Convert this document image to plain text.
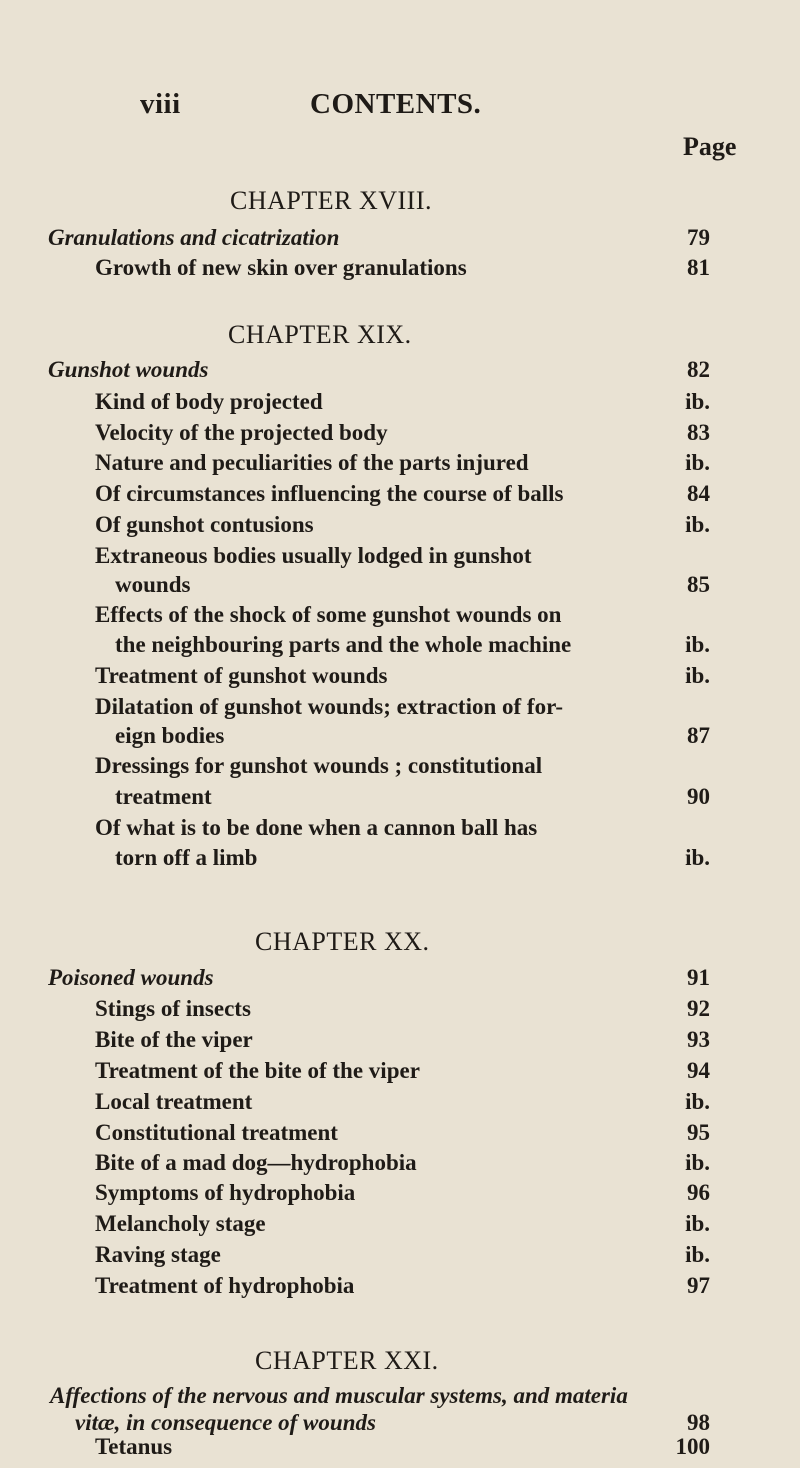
viii	CONTENTS.
Page
CHAPTER XVIII.
Granulations and cicatrization	79
Growth of new skin over granulations	81
CHAPTER XIX.
Gunshot wounds	82
Kind of body projected	ib.
Velocity of the projected body	83
Nature and peculiarities of the parts injured	ib.
Of circumstances influencing the course of balls	84
Of gunshot contusions	ib.
Extraneous bodies usually lodged in gunshot
wounds	85
Effects of the shock of some gunshot wounds on
the neighbouring parts and the whole machine	ib.
Treatment of gunshot wounds	ib.
Dilatation of gunshot wounds; extraction of for-
eign bodies	87
Dressings for gunshot wounds ; constitutional
treatment	90
Of what is to be done when a cannon ball has
torn off a limb	ib.
CHAPTER XX.
Poisoned wounds	91
Stings of insects	92
Bite of the viper	93
Treatment of the bite of the viper	94
Local treatment	ib.
Constitutional treatment	95
Bite of a mad dog—hydrophobia	ib.
Symptoms of hydrophobia	96
Melancholy stage	ib.
Raving stage	ib.
Treatment of hydrophobia	97
CHAPTER XXI.
Affections of the nervous and muscular systems, and materia
vitæ, in consequence of wounds	98
Tetanus	100
